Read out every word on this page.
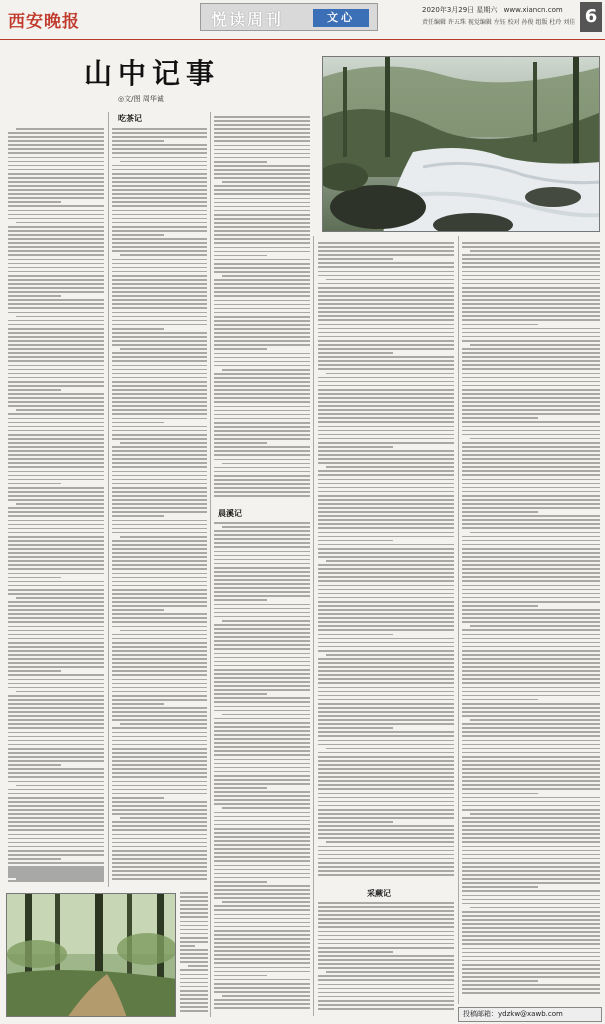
西安晚报	悦读周刊	文心
2020年3月29日 星期六 www.xiancn.com
责任编辑 许五珠 视觉编辑 左钰 校对 孙俊 组版 杜玲 刘佳 6
山中记事
◎文/图 周华诚
吃茶记
晨溪记
采蕨记
投稿邮箱：ydzkw@xawb.com
